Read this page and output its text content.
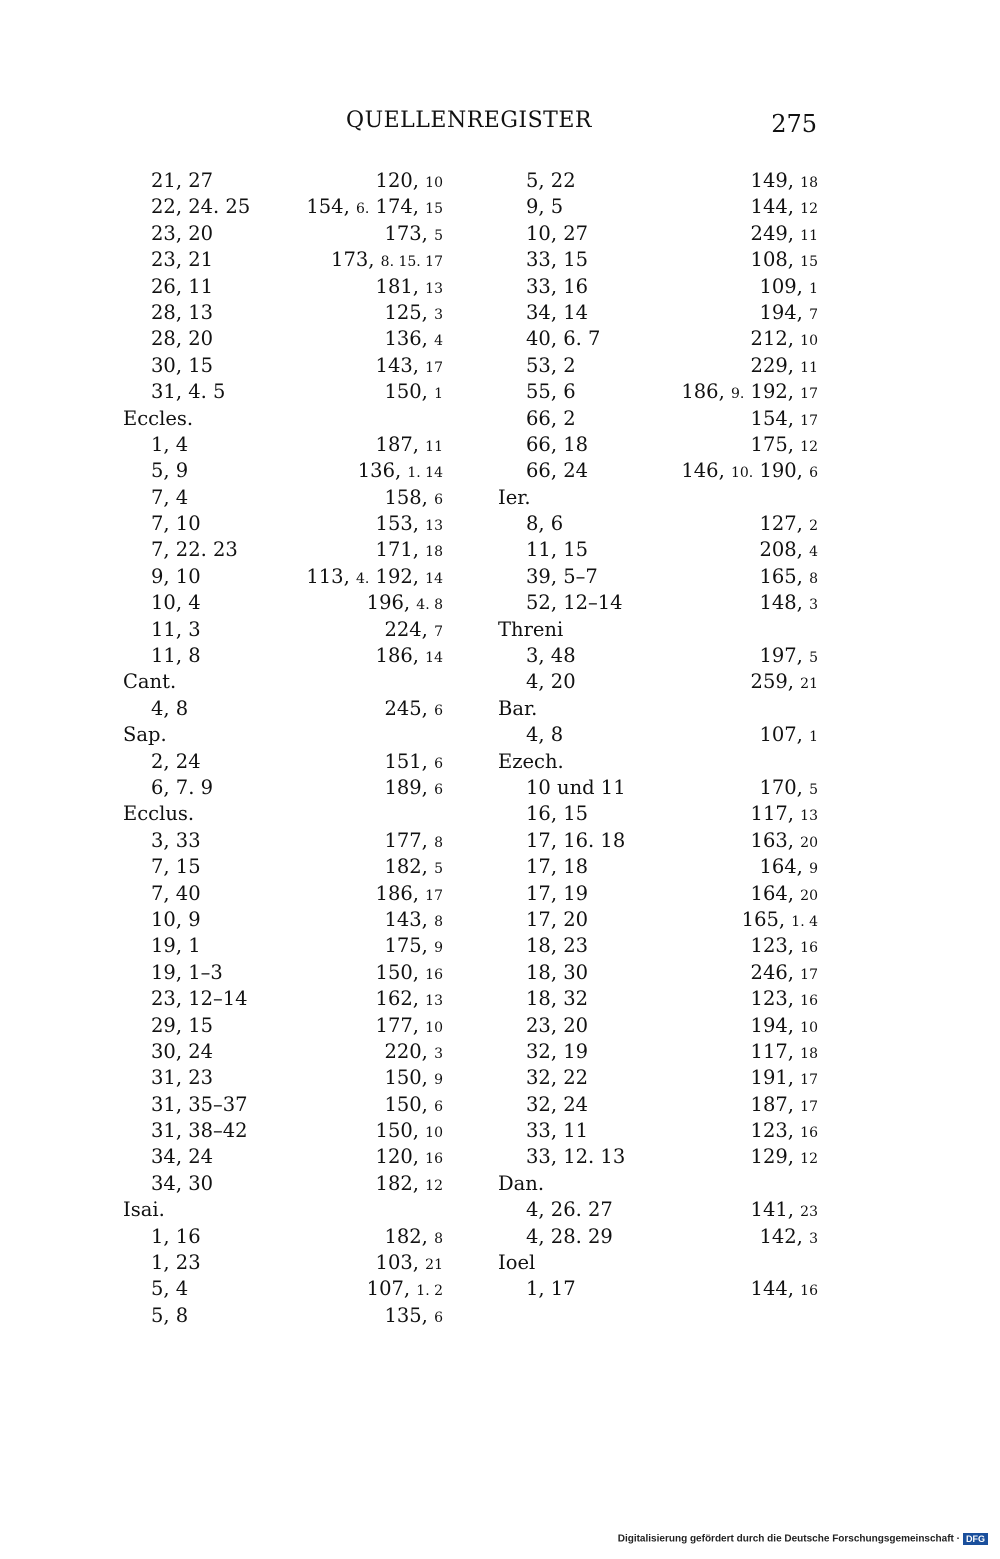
QUELLENREGISTER	275
21, 27	120, 10
22, 24. 25	154, 6. 174, 15
23, 20	173, 5
23, 21	173, 8. 15. 17
26, 11	181, 13
28, 13	125, 3
28, 20	136, 4
30, 15	143, 17
31, 4. 5	150, 1
Eccles.
1, 4	187, 11
5, 9	136, 1. 14
7, 4	158, 6
7, 10	153, 13
7, 22. 23	171, 18
9, 10	113, 4. 192, 14
10, 4	196, 4. 8
11, 3	224, 7
11, 8	186, 14
Cant.
4, 8	245, 6
Sap.
2, 24	151, 6
6, 7. 9	189, 6
Ecclus.
3, 33	177, 8
7, 15	182, 5
7, 40	186, 17
10, 9	143, 8
19, 1	175, 9
19, 1–3	150, 16
23, 12–14	162, 13
29, 15	177, 10
30, 24	220, 3
31, 23	150, 9
31, 35–37	150, 6
31, 38–42	150, 10
34, 24	120, 16
34, 30	182, 12
Isai.
1, 16	182, 8
1, 23	103, 21
5, 4	107, 1. 2
5, 8	135, 6
5, 22	149, 18
9, 5	144, 12
10, 27	249, 11
33, 15	108, 15
33, 16	109, 1
34, 14	194, 7
40, 6. 7	212, 10
53, 2	229, 11
55, 6	186, 9. 192, 17
66, 2	154, 17
66, 18	175, 12
66, 24	146, 10. 190, 6
Ier.
8, 6	127, 2
11, 15	208, 4
39, 5–7	165, 8
52, 12–14	148, 3
Threni
3, 48	197, 5
4, 20	259, 21
Bar.
4, 8	107, 1
Ezech.
10 und 11	170, 5
16, 15	117, 13
17, 16. 18	163, 20
17, 18	164, 9
17, 19	164, 20
17, 20	165, 1. 4
18, 23	123, 16
18, 30	246, 17
18, 32	123, 16
23, 20	194, 10
32, 19	117, 18
32, 22	191, 17
32, 24	187, 17
33, 11	123, 16
33, 12. 13	129, 12
Dan.
4, 26. 27	141, 23
4, 28. 29	142, 3
Ioel
1, 17	144, 16
Digitalisierung gefördert durch die Deutsche Forschungsgemeinschaft · DFG
